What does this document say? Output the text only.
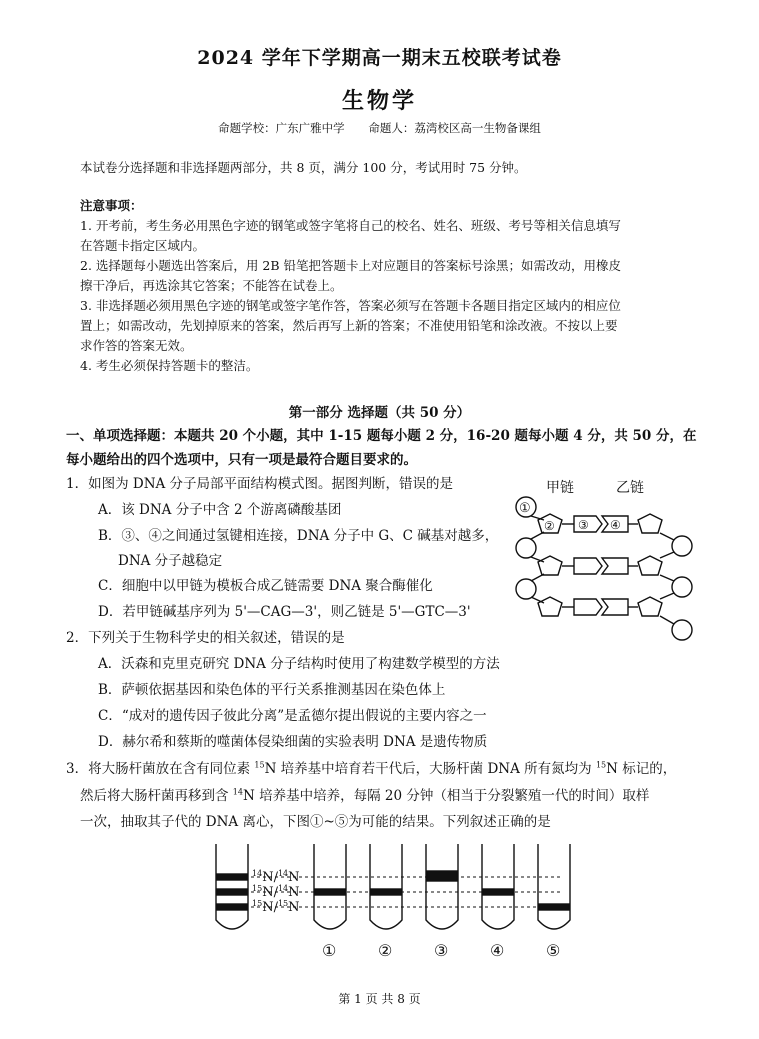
2024 学年下学期高一期末五校联考试卷
生物学
命题学校：广东广雅中学 命题人：荔湾校区高一生物备课组
本试卷分选择题和非选择题两部分，共 8 页，满分 100 分，考试用时 75 分钟。
注意事项：
1. 开考前，考生务必用黑色字迹的钢笔或签字笔将自己的校名、姓名、班级、考号等相关信息填写
在答题卡指定区域内。
2. 选择题每小题选出答案后，用 2B 铅笔把答题卡上对应题目的答案标号涂黑；如需改动，用橡皮
擦干净后，再选涂其它答案；不能答在试卷上。
3. 非选择题必须用黑色字迹的钢笔或签字笔作答，答案必须写在答题卡各题目指定区域内的相应位
置上；如需改动，先划掉原来的答案，然后再写上新的答案；不准使用铅笔和涂改液。不按以上要
求作答的答案无效。
4. 考生必须保持答题卡的整洁。
第一部分 选择题（共 50 分）
一、单项选择题：本题共 20 个小题，其中 1-15 题每小题 2 分，16-20 题每小题 4 分，共 50 分，在
每小题给出的四个选项中，只有一项是最符合题目要求的。
1．如图为 DNA 分子局部平面结构模式图。据图判断，错误的是
A．该 DNA 分子中含 2 个游离磷酸基团
B．③、④之间通过氢键相连接，DNA 分子中 G、C 碱基对越多，
DNA 分子越稳定
C．细胞中以甲链为模板合成乙链需要 DNA 聚合酶催化
D．若甲链碱基序列为 5'—CAG—3'，则乙链是 5'—GTC—3'
甲链	乙链
①
② ③ ④
2．下列关于生物科学史的相关叙述，错误的是
A．沃森和克里克研究 DNA 分子结构时使用了构建数学模型的方法
B．萨顿依据基因和染色体的平行关系推测基因在染色体上
C．“成对的遗传因子彼此分离”是孟德尔提出假说的主要内容之一
D．赫尔希和蔡斯的噬菌体侵染细菌的实验表明 DNA 是遗传物质
3．将大肠杆菌放在含有同位素 $^{15}$N 培养基中培育若干代后，大肠杆菌 DNA 所有氮均为 $^{15}$N 标记的，
然后将大肠杆菌再移到含 $^{14}$N 培养基中培养，每隔 20 分钟（相当于分裂繁殖一代的时间）取样
一次，抽取其子代的 DNA 离心，下图①~⑤为可能的结果。下列叙述正确的是
$^{14}$N/$^{14}$N
$^{15}$N/$^{14}$N
$^{15}$N/$^{15}$N
①	②	③	④	⑤
第 1 页 共 8 页
